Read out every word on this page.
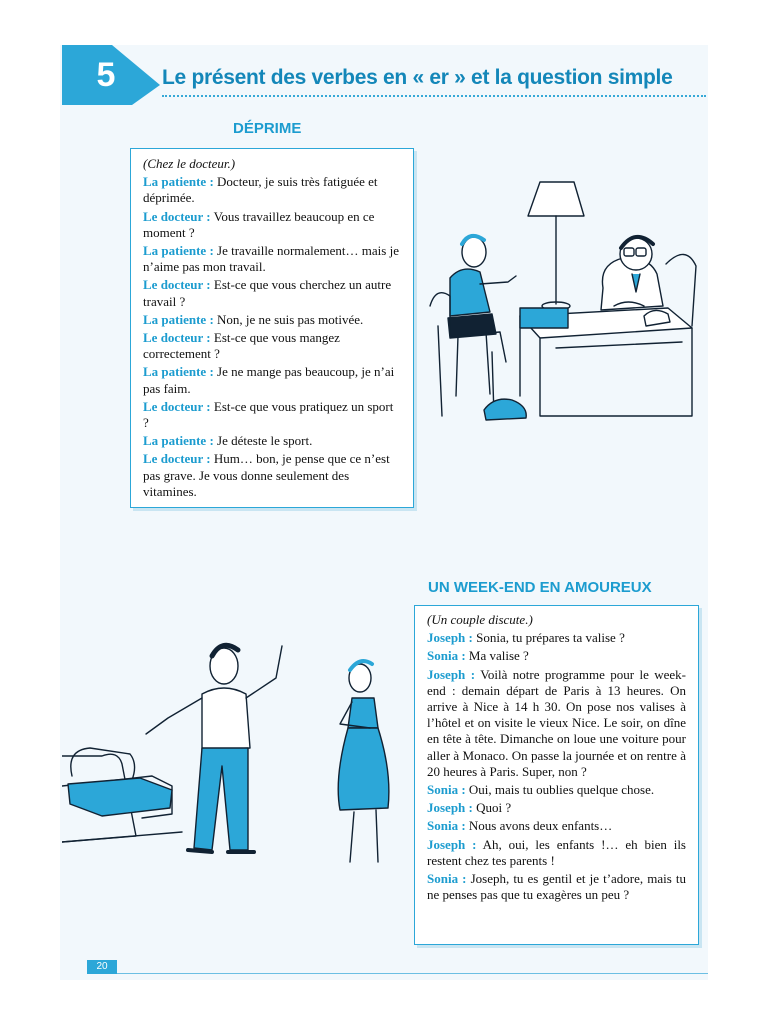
5	Le présent des verbes en « er » et la question simple
DÉPRIME
(Chez le docteur.)
La patiente : Docteur, je suis très fatiguée et déprimée.
Le docteur : Vous travaillez beaucoup en ce moment ?
La patiente : Je travaille normalement… mais je n’aime pas mon travail.
Le docteur : Est-ce que vous cherchez un autre travail ?
La patiente : Non, je ne suis pas motivée.
Le docteur : Est-ce que vous mangez correctement ?
La patiente : Je ne mange pas beaucoup, je n’ai pas faim.
Le docteur : Est-ce que vous pratiquez un sport ?
La patiente : Je déteste le sport.
Le docteur : Hum… bon, je pense que ce n’est pas grave. Je vous donne seulement des vitamines.
UN WEEK-END EN AMOUREUX
(Un couple discute.)
Joseph : Sonia, tu prépares ta valise ?
Sonia : Ma valise ?
Joseph : Voilà notre programme pour le week-end : demain départ de Paris à 13 heures. On arrive à Nice à 14 h 30. On pose nos valises à l’hôtel et on visite le vieux Nice. Le soir, on dîne en tête à tête. Dimanche on loue une voiture pour aller à Monaco. On passe la journée et on rentre à 20 heures à Paris. Super, non ?
Sonia : Oui, mais tu oublies quelque chose.
Joseph : Quoi ?
Sonia : Nous avons deux enfants…
Joseph : Ah, oui, les enfants !… eh bien ils restent chez tes parents !
Sonia : Joseph, tu es gentil et je t’adore, mais tu ne penses pas que tu exagères un peu ?
20
